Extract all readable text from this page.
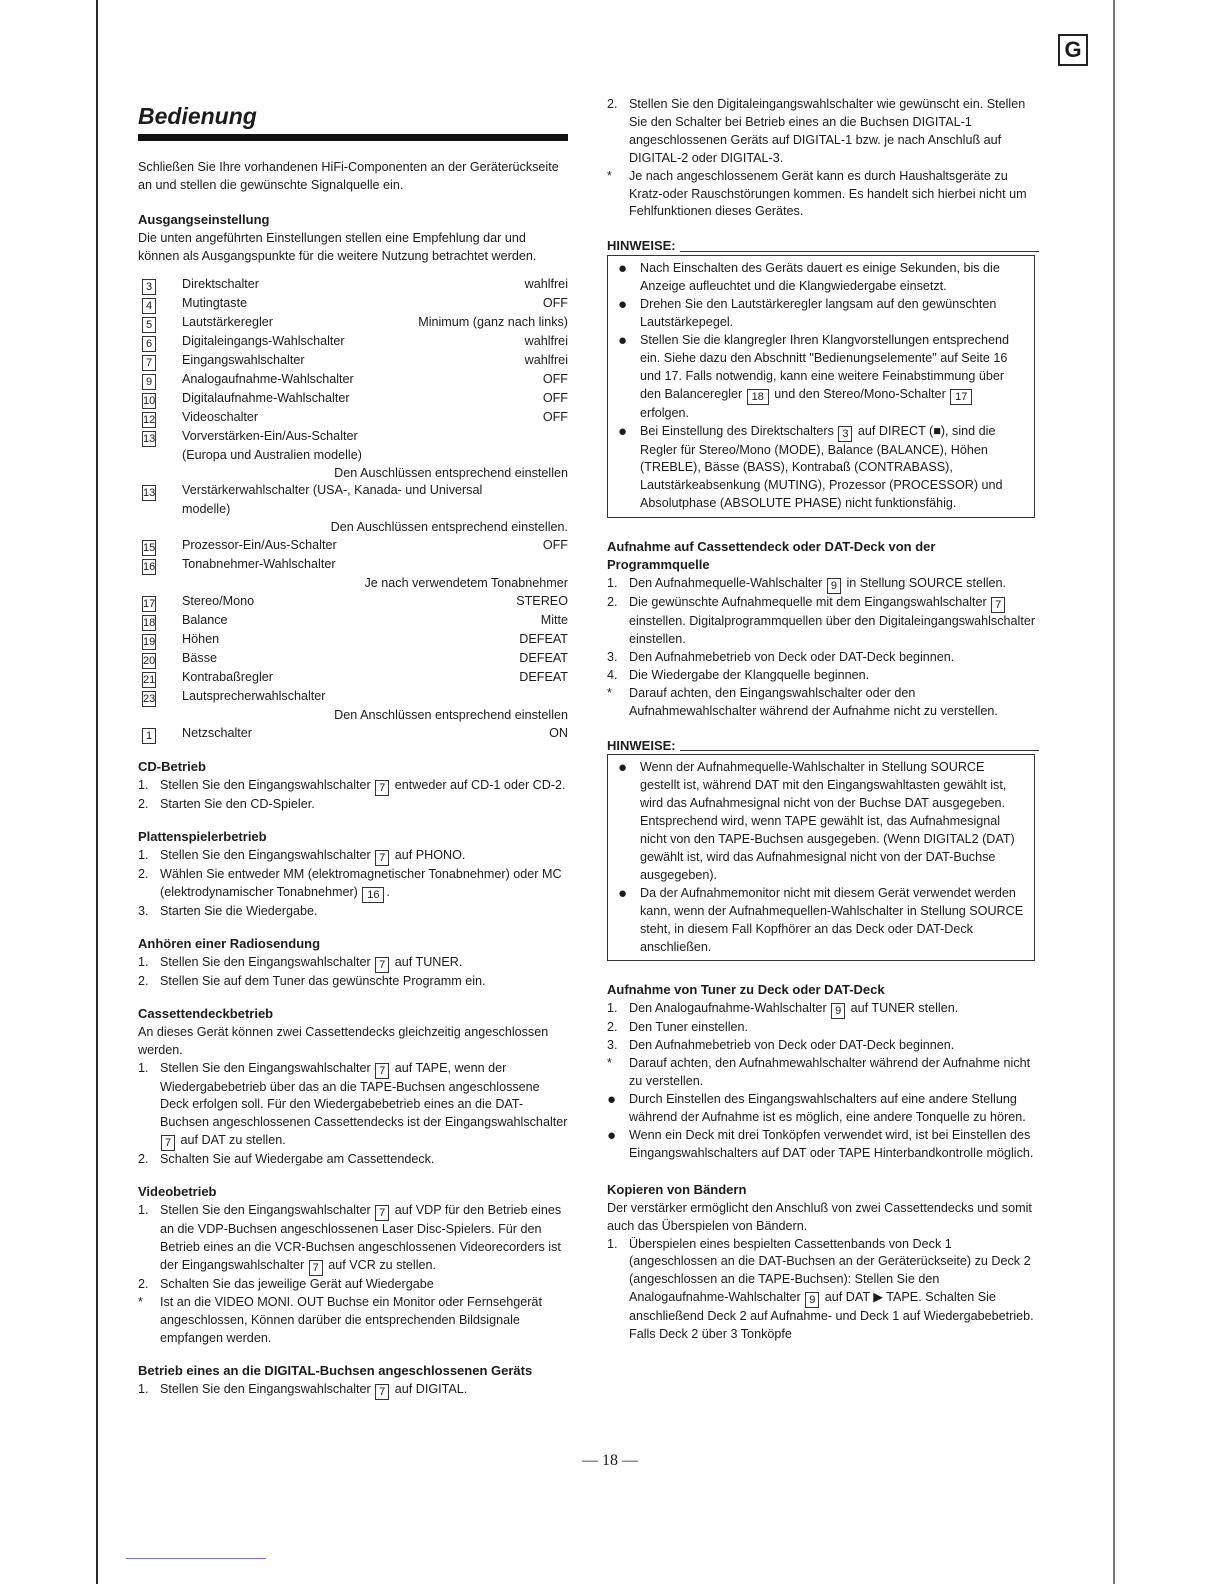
G
Bedienung

Schließen Sie Ihre vorhandenen HiFi-Componenten an der Geräterückseite an und stellen die gewünschte Signalquelle ein.

Ausgangseinstellung

Die unten angeführten Einstellungen stellen eine Empfehlung dar und können als Ausgangspunkte für die weitere Nutzung betrachtet werden.

3	Direktschalter	wahlfrei
4	Mutingtaste	OFF
5	Lautstärkeregler	Minimum (ganz nach links)
6	Digitaleingangs-Wahlschalter	wahlfrei
7	Eingangswahlschalter	wahlfrei
9	Analogaufnahme-Wahlschalter	OFF
10	Digitalaufnahme-Wahlschalter	OFF
12	Videoschalter	OFF
13	Vorverstärken-Ein/Aus-Schalter
(Europa und Australien modelle)
Den Auschlüssen entsprechend einstellen
13	Verstärkerwahlschalter (USA-, Kanada- und Universal
modelle)
Den Auschlüssen entsprechend einstellen.
15	Prozessor-Ein/Aus-Schalter	OFF
16	Tonabnehmer-Wahlschalter
Je nach verwendetem Tonabnehmer
17	Stereo/Mono	STEREO
18	Balance	Mitte
19	Höhen	DEFEAT
20	Bässe	DEFEAT
21	Kontrabaßregler	DEFEAT
23	Lautsprecherwahlschalter
Den Anschlüssen entsprechend einstellen
1	Netzschalter	ON
CD-Betrieb
1. Stellen Sie den Eingangswahlschalter 7 entweder auf CD-1 oder CD-2.
2. Starten Sie den CD-Spieler.
Plattenspielerbetrieb
1. Stellen Sie den Eingangswahlschalter 7 auf PHONO.
2. Wählen Sie entweder MM (elektromagnetischer Tonabnehmer) oder MC (elektrodynamischer Tonabnehmer) 16 .
3. Starten Sie die Wiedergabe.
Anhören einer Radiosendung
1. Stellen Sie den Eingangswahlschalter 7 auf TUNER.
2. Stellen Sie auf dem Tuner das gewünschte Programm ein.
Cassettendeckbetrieb

An dieses Gerät können zwei Cassettendecks gleichzeitig angeschlossen werden.

1. Stellen Sie den Eingangswahlschalter 7 auf TAPE, wenn der Wiedergabebetrieb über das an die TAPE-Buchsen angeschlossene Deck erfolgen soll. Für den Wiedergabebetrieb eines an die DAT-Buchsen angeschlossenen Cassettendecks ist der Eingangswahlschalter 7 auf DAT zu stellen.
2. Schalten Sie auf Wiedergabe am Cassettendeck.
Videobetrieb
1. Stellen Sie den Eingangswahlschalter 7 auf VDP für den Betrieb eines an die VDP-Buchsen angeschlossenen Laser Disc-Spielers. Für den Betrieb eines an die VCR-Buchsen angeschlossenen Videorecorders ist der Eingangswahlschalter 7 auf VCR zu stellen.
2. Schalten Sie das jeweilige Gerät auf Wiedergabe
*	Ist an die VIDEO MONI. OUT Buchse ein Monitor oder Fernsehgerät angeschlossen, Können darüber die entsprechenden Bildsignale empfangen werden.
Betrieb eines an die DIGITAL-Buchsen angeschlossenen Geräts
1. Stellen Sie den Eingangswahlschalter 7 auf DIGITAL.
2. Stellen Sie den Digitaleingangswahlschalter wie gewünscht ein. Stellen Sie den Schalter bei Betrieb eines an die Buchsen DIGITAL-1 angeschlossenen Geräts auf DIGITAL-1 bzw. je nach Anschluß auf DIGITAL-2 oder DIGITAL-3.
*	Je nach angeschlossenem Gerät kann es durch Haushaltsgeräte zu Kratz-oder Rauschstörungen kommen. Es handelt sich hierbei nicht um Fehlfunktionen dieses Gerätes.
HINWEISE:
●	Nach Einschalten des Geräts dauert es einige Sekunden, bis die Anzeige aufleuchtet und die Klangwiedergabe einsetzt.
●	Drehen Sie den Lautstärkeregler langsam auf den gewünschten Lautstärkepegel.
●	Stellen Sie die klangregler Ihren Klangvorstellungen entsprechend ein. Siehe dazu den Abschnitt "Bedienungselemente" auf Seite 16 und 17. Falls notwendig, kann eine weitere Feinabstimmung über den Balanceregler 18 und den Stereo/Mono-Schalter 17 erfolgen.
●	Bei Einstellung des Direktschalters 3 auf DIRECT (■), sind die Regler für Stereo/Mono (MODE), Balance (BALANCE), Höhen (TREBLE), Bässe (BASS), Kontrabaß (CONTRABASS), Lautstärkeabsenkung (MUTING), Prozessor (PROCESSOR) und Absolutphase (ABSOLUTE PHASE) nicht funktionsfähig.
Aufnahme auf Cassettendeck oder DAT-Deck von der Programmquelle
1. Den Aufnahmequelle-Wahlschalter 9 in Stellung SOURCE stellen.
2. Die gewünschte Aufnahmequelle mit dem Eingangswahlschalter 7 einstellen. Digitalprogrammquellen über den Digitaleingangswahlschalter einstellen.
3. Den Aufnahmebetrieb von Deck oder DAT-Deck beginnen.
4. Die Wiedergabe der Klangquelle beginnen.
*	Darauf achten, den Eingangswahlschalter oder den Aufnahmewahlschalter während der Aufnahme nicht zu verstellen.
HINWEISE:
●	Wenn der Aufnahmequelle-Wahlschalter in Stellung SOURCE gestellt ist, während DAT mit den Eingangswahltasten gewählt ist, wird das Aufnahmesignal nicht von der Buchse DAT ausgegeben. Entsprechend wird, wenn TAPE gewählt ist, das Aufnahmesignal nicht von den TAPE-Buchsen ausgegeben. (Wenn DIGITAL2 (DAT) gewählt ist, wird das Aufnahmesignal nicht von der DAT-Buchse ausgegeben).
●	Da der Aufnahmemonitor nicht mit diesem Gerät verwendet werden kann, wenn der Aufnahmequellen-Wahlschalter in Stellung SOURCE steht, in diesem Fall Kopfhörer an das Deck oder DAT-Deck anschließen.
Aufnahme von Tuner zu Deck oder DAT-Deck
1. Den Analogaufnahme-Wahlschalter 9 auf TUNER stellen.
2. Den Tuner einstellen.
3. Den Aufnahmebetrieb von Deck oder DAT-Deck beginnen.
*	Darauf achten, den Aufnahmewahlschalter während der Aufnahme nicht zu verstellen.
●	Durch Einstellen des Eingangswahlschalters auf eine andere Stellung während der Aufnahme ist es möglich, eine andere Tonquelle zu hören.
●	Wenn ein Deck mit drei Tonköpfen verwendet wird, ist bei Einstellen des Eingangswahlschalters auf DAT oder TAPE Hinterbandkontrolle möglich.
Kopieren von Bändern

Der verstärker ermöglicht den Anschluß von zwei Cassettendecks und somit auch das Überspielen von Bändern.

1. Überspielen eines bespielten Cassettenbands von Deck 1 (angeschlossen an die DAT-Buchsen an der Geräterückseite) zu Deck 2 (angeschlossen an die TAPE-Buchsen): Stellen Sie den Analogaufnahme-Wahlschalter 9 auf DAT ▶ TAPE. Schalten Sie anschließend Deck 2 auf Aufnahme- und Deck 1 auf Wiedergabebetrieb. Falls Deck 2 über 3 Tonköpfe
— 18 —
